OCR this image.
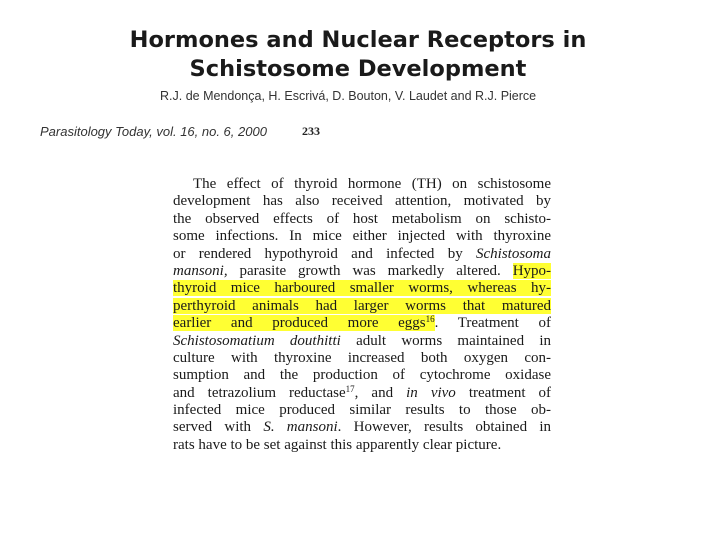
Hormones and Nuclear Receptors in
Schistosome Development
R.J. de Mendonça, H. Escrivá, D. Bouton, V. Laudet and R.J. Pierce
Parasitology Today, vol. 16, no. 6, 2000	233
The effect of thyroid hormone (TH) on schistosome
development has also received attention, motivated by
the observed effects of host metabolism on schisto-
some infections. In mice either injected with thyroxine
or rendered hypothyroid and infected by Schistosoma
mansoni, parasite growth was markedly altered. Hypo-
thyroid mice harboured smaller worms, whereas hy-
perthyroid animals had larger worms that matured
earlier and produced more eggs$^{16}$. Treatment of
Schistosomatium douthitti adult worms maintained in
culture with thyroxine increased both oxygen con-
sumption and the production of cytochrome oxidase
and tetrazolium reductase$^{17}$, and in vivo treatment of
infected mice produced similar results to those ob-
served with S. mansoni. However, results obtained in
rats have to be set against this apparently clear picture.
